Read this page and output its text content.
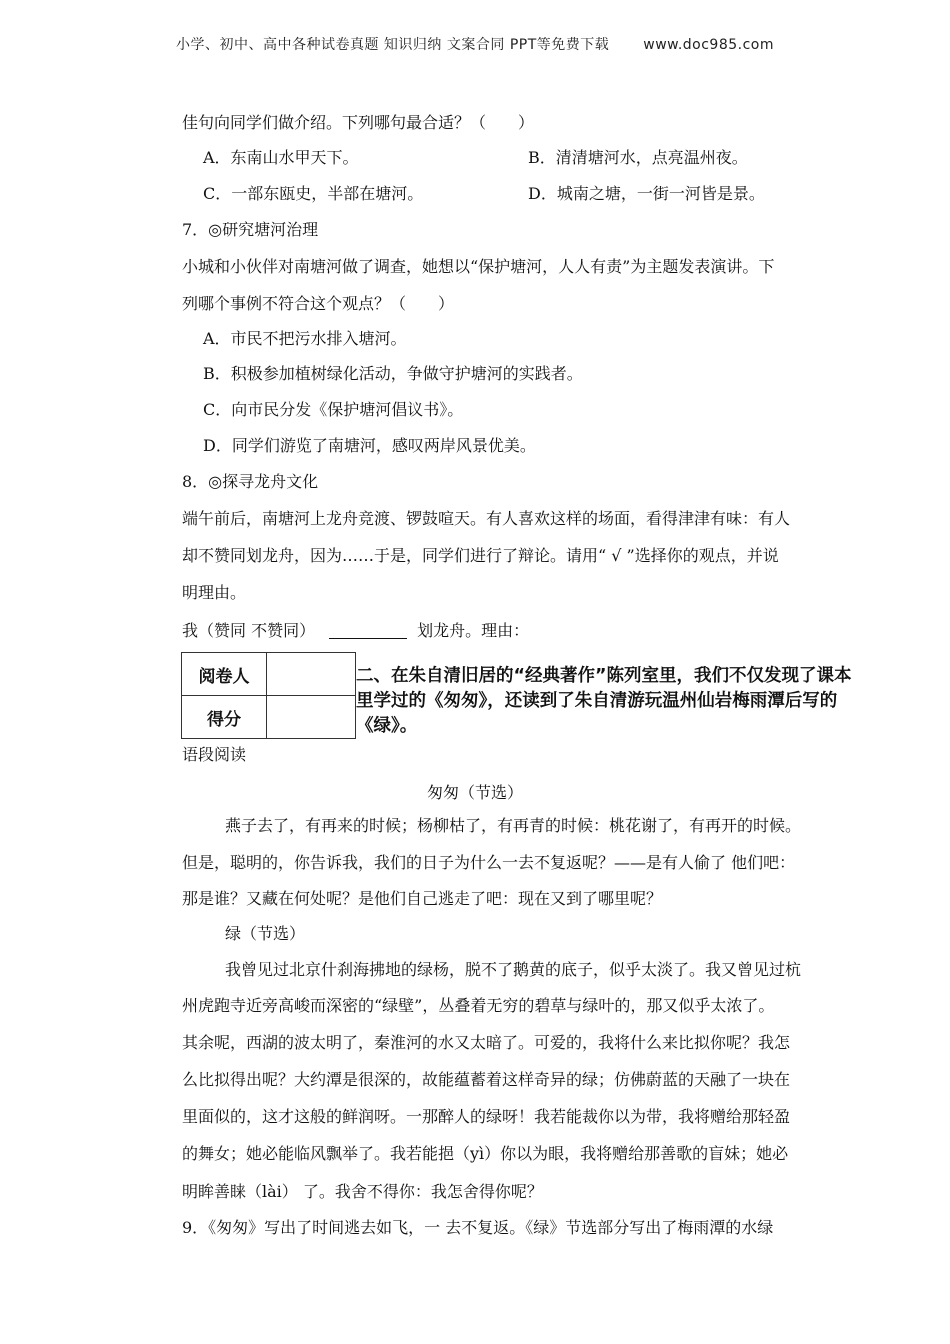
小学、初中、高中各种试卷真题 知识归纳 文案合同 PPT等免费下载 www.doc985.com
佳句向同学们做介绍。下列哪句最合适？（　　）
A．东南山水甲天下。	B．清清塘河水，点亮温州夜。
C．一部东瓯史，半部在塘河。	D．城南之塘，一街一河皆是景。
7．◎研究塘河治理
小城和小伙伴对南塘河做了调查，她想以“保护塘河，人人有责”为主题发表演讲。下
列哪个事例不符合这个观点？（　　）
A．市民不把污水排入塘河。
B．积极参加植树绿化活动，争做守护塘河的实践者。
C．向市民分发《保护塘河倡议书》。
D．同学们游览了南塘河，感叹两岸风景优美。
8．◎探寻龙舟文化
端午前后，南塘河上龙舟竞渡、锣鼓喧天。有人喜欢这样的场面，看得津津有味：有人
却不赞同划龙舟，因为……于是，同学们进行了辩论。请用“ √ ”选择你的观点，并说
明理由。
我（赞同 不赞同）	划龙舟。理由：
阅卷人	
得分	
二、在朱自清旧居的“经典著作”陈列室里，我们不仅发现了课本里学过的《匆匆》，还读到了朱自清游玩温州仙岩梅雨潭后写的《绿》。
语段阅读
匆匆（节选）
燕子去了，有再来的时候；杨柳枯了，有再青的时候：桃花谢了，有再开的时候。
但是，聪明的，你告诉我，我们的日子为什么一去不复返呢？——是有人偷了 他们吧：
那是谁？又藏在何处呢？是他们自己逃走了吧：现在又到了哪里呢？
绿（节选）
我曾见过北京什刹海拂地的绿杨，脱不了鹅黄的底子，似乎太淡了。我又曾见过杭
州虎跑寺近旁高峻而深密的“绿壁”，丛叠着无穷的碧草与绿叶的，那又似乎太浓了。
其余呢，西湖的波太明了，秦淮河的水又太暗了。可爱的，我将什么来比拟你呢？我怎
么比拟得出呢？大约潭是很深的，故能蕴蓄着这样奇异的绿；仿佛蔚蓝的天融了一块在
里面似的，这才这般的鲜润呀。一那醉人的绿呀！我若能裁你以为带，我将赠给那轻盈
的舞女；她必能临风飘举了。我若能挹（yì）你以为眼，我将赠给那善歌的盲妹；她必
明眸善睐（lài） 了。我舍不得你：我怎舍得你呢？
9．《匆匆》写出了时间逃去如飞，一 去不复返。《绿》节选部分写出了梅雨潭的水绿
